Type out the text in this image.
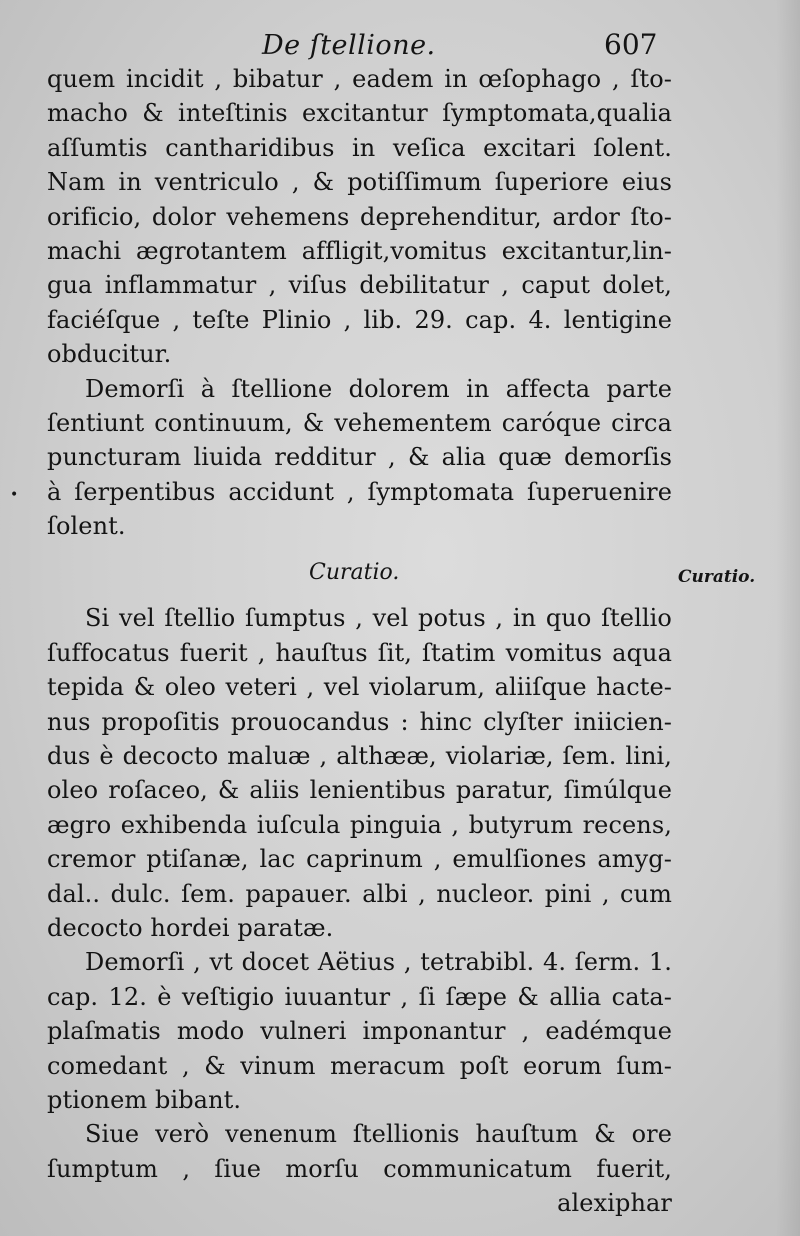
De ſtellione.	607
•
Curatio.
quem incidit , bibatur , eadem in œſophago , ſto-
macho & inteſtinis excitantur ſymptomata,qualia
aſſumtis cantharidibus in veſica excitari ſolent.
Nam in ventriculo , & potiſſimum ſuperiore eius
orificio, dolor vehemens deprehenditur, ardor ſto-
machi ægrotantem affligit,vomitus excitantur,lin-
gua inflammatur , viſus debilitatur , caput dolet,
faciéſque , teſte Plinio , lib. 29. cap. 4. lentigine
obducitur.
Demorſi à ſtellione dolorem in affecta parte
ſentiunt continuum, & vehementem caróque circa
puncturam liuida redditur , & alia quæ demorſis
à ſerpentibus accidunt , ſymptomata ſuperuenire
ſolent.
Curatio.
Si vel ſtellio ſumptus , vel potus , in quo ſtellio
ſuffocatus fuerit , hauſtus ſit, ſtatim vomitus aqua
tepida & oleo veteri , vel violarum, aliiſque hacte-
nus propoſitis prouocandus : hinc clyſter iniicien-
dus è decocto maluæ , althææ, violariæ, ſem. lini,
oleo roſaceo, & aliis lenientibus paratur, ſimúlque
ægro exhibenda iuſcula pinguia , butyrum recens,
cremor ptiſanæ, lac caprinum , emulſiones amyg-
dal.. dulc. ſem. papauer. albi , nucleor. pini , cum
decocto hordei paratæ.
Demorſi , vt docet Aëtius , tetrabibl. 4. ſerm. 1.
cap. 12. è veſtigio iuuantur , ſi ſæpe & allia cata-
plaſmatis modo vulneri imponantur , eadémque
comedant , & vinum meracum poſt eorum ſum-
ptionem bibant.
Siue verò venenum ſtellionis hauſtum & ore
ſumptum , ſiue morſu communicatum fuerit,
alexiphar
